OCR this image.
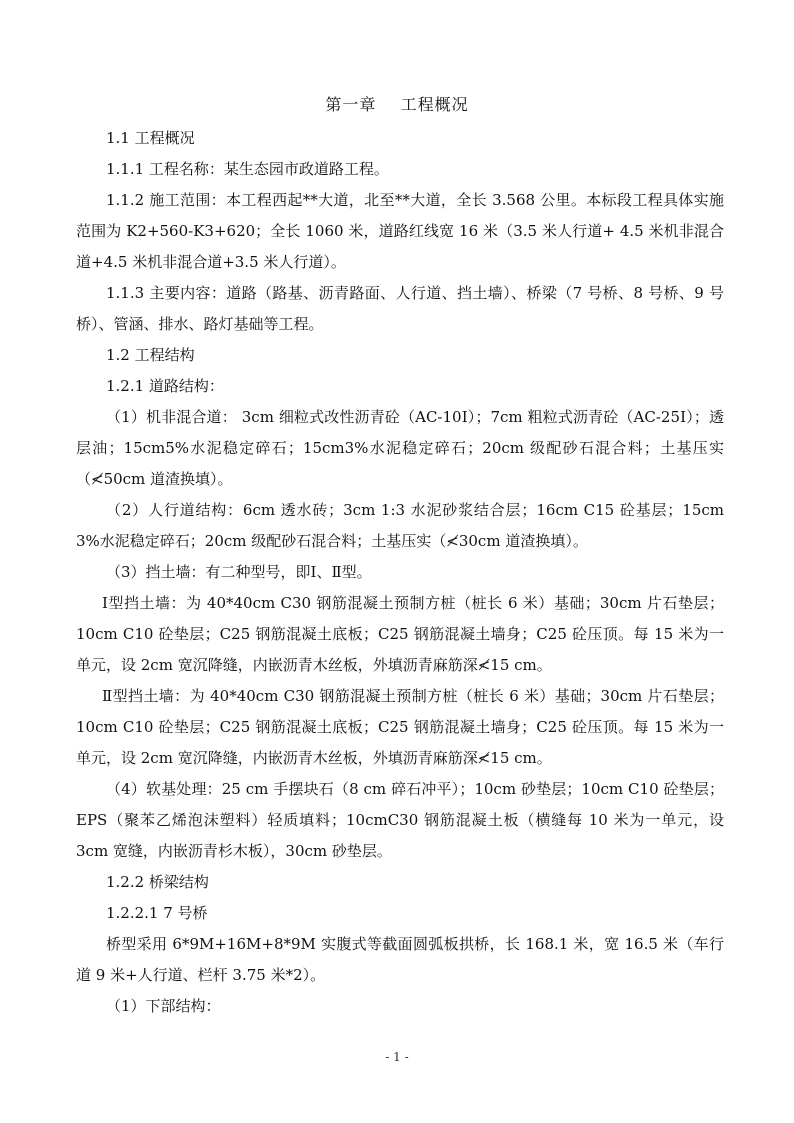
第一章    工程概况

1.1 工程概况

1.1.1 工程名称：某生态园市政道路工程。

1.1.2 施工范围：本工程西起**大道，北至**大道，全长 3.568 公里。本标段工程具体实施范围为 K2+560-K3+620；全长 1060 米，道路红线宽 16 米（3.5 米人行道+ 4.5 米机非混合道+4.5 米机非混合道+3.5 米人行道）。

1.1.3 主要内容：道路（路基、沥青路面、人行道、挡土墙）、桥梁（7 号桥、8 号桥、9 号桥）、管涵、排水、路灯基础等工程。

1.2 工程结构

1.2.1 道路结构：

（1）机非混合道： 3cm 细粒式改性沥青砼（AC-10Ⅰ）；7cm 粗粒式沥青砼（AC-25Ⅰ）；透层油；15cm5%水泥稳定碎石；15cm3%水泥稳定碎石；20cm 级配砂石混合料；土基压实（≮50cm 道渣换填）。

（2）人行道结构：6cm 透水砖；3cm 1:3 水泥砂浆结合层；16cm C15 砼基层；15cm 3%水泥稳定碎石；20cm 级配砂石混合料；土基压实（≮30cm 道渣换填）。

（3）挡土墙：有二种型号，即Ⅰ、Ⅱ型。

Ⅰ型挡土墙：为 40*40cm C30 钢筋混凝土预制方桩（桩长 6 米）基础；30cm 片石垫层；10cm C10 砼垫层；C25 钢筋混凝土底板；C25 钢筋混凝土墙身；C25 砼压顶。每 15 米为一单元，设 2cm 宽沉降缝，内嵌沥青木丝板，外填沥青麻筋深≮15 cm。

Ⅱ型挡土墙：为 40*40cm C30 钢筋混凝土预制方桩（桩长 6 米）基础；30cm 片石垫层；10cm C10 砼垫层；C25 钢筋混凝土底板；C25 钢筋混凝土墙身；C25 砼压顶。每 15 米为一单元，设 2cm 宽沉降缝，内嵌沥青木丝板，外填沥青麻筋深≮15 cm。

（4）软基处理：25 cm 手摆块石（8 cm 碎石冲平）；10cm 砂垫层；10cm C10 砼垫层；EPS（聚苯乙烯泡沫塑料）轻质填料；10cmC30 钢筋混凝土板（横缝每 10 米为一单元，设 3cm 宽缝，内嵌沥青杉木板），30cm 砂垫层。

1.2.2 桥梁结构

1.2.2.1 7 号桥

桥型采用 6*9M+16M+8*9M 实腹式等截面圆弧板拱桥，长 168.1 米，宽 16.5 米（车行道 9 米+人行道、栏杆 3.75 米*2）。

（1）下部结构：

- 1 -
